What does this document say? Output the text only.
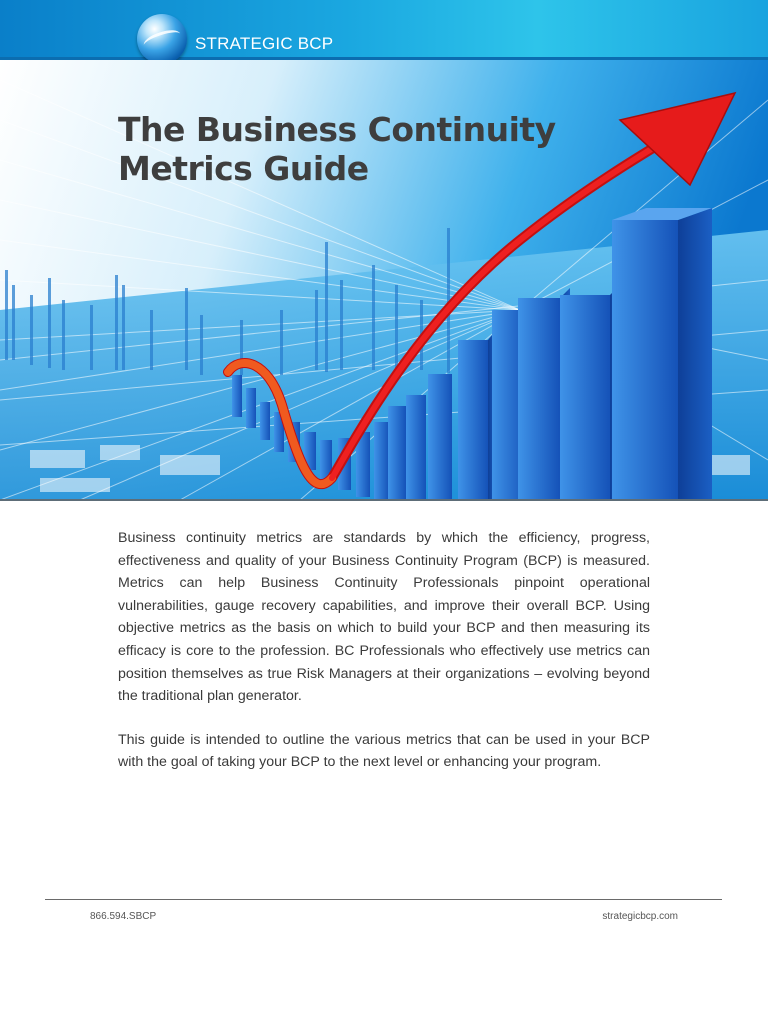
STRATEGIC BCP
The Business Continuity
Metrics Guide

Business continuity metrics are standards by which the efficiency, progress, effectiveness and quality of your Business Continuity Program (BCP) is measured. Metrics can help Business Continuity Professionals pinpoint operational vulnerabilities, gauge recovery capabilities, and improve their overall BCP. Using objective metrics as the basis on which to build your BCP and then measuring its efficacy is core to the profession. BC Professionals who effectively use metrics can position themselves as true Risk Managers at their organizations – evolving beyond the traditional plan generator.

This guide is intended to outline the various metrics that can be used in your BCP with the goal of taking your BCP to the next level or enhancing your program.

866.594.SBCP	strategicbcp.com
